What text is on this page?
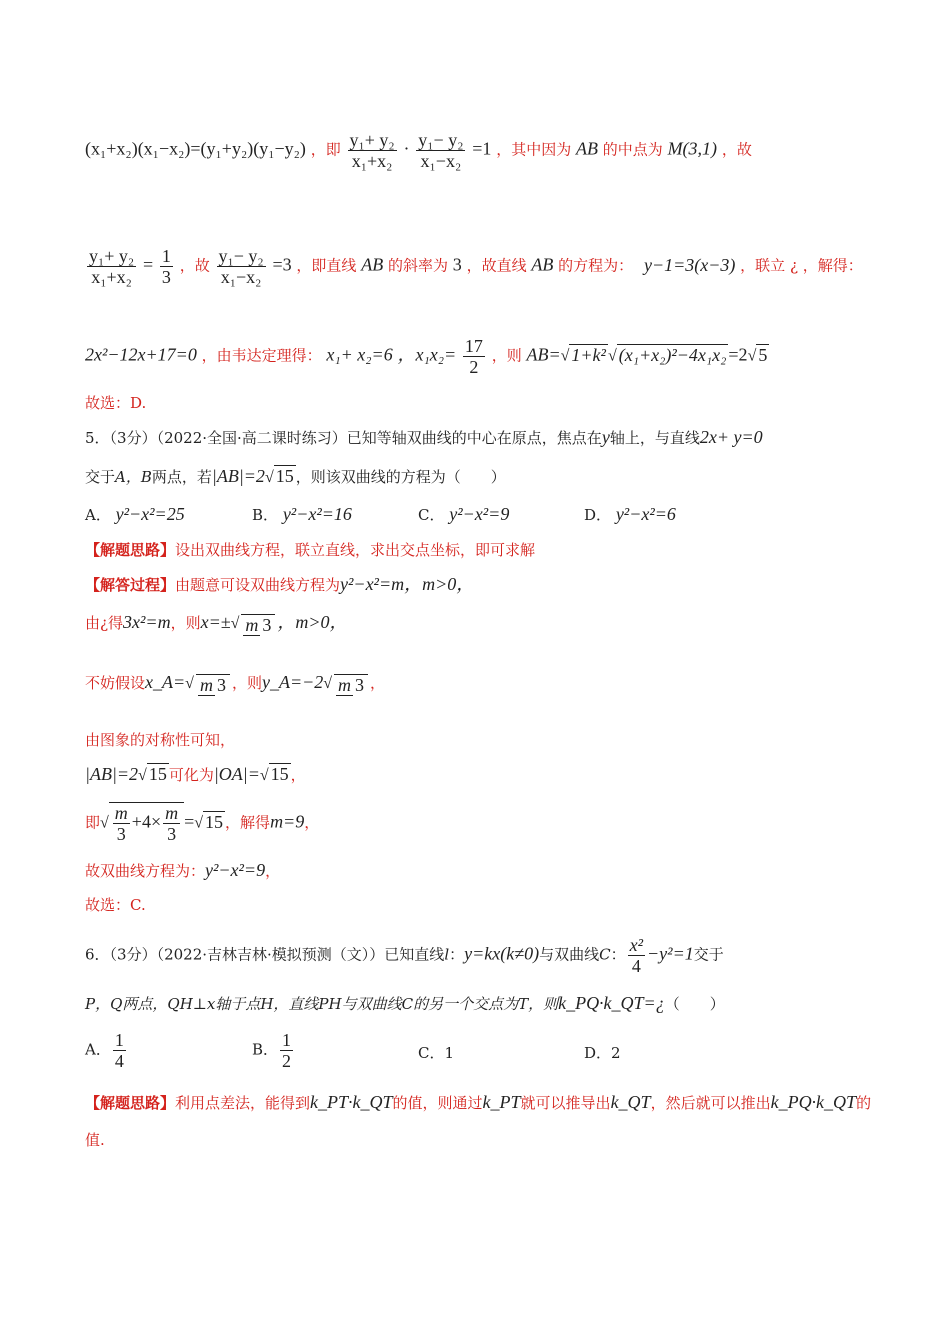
(x₁+x₂)(x₁−x₂)=(y₁+y₂)(y₁−y₂) ，即 $\frac{\text{y₁+ y₂}}{\text{x₁+x₂}} \cdot \frac{\text{y₁− y₂}}{\text{x₁−x₂}} =1$ ，其中因为 AB 的中点为 M(3,1) ，故
$\frac{\text{y₁+ y₂}}{\text{x₁+x₂}} = \frac{1}{3}$ ，故 $\frac{\text{y₁− y₂}}{\text{x₁−x₂}} =3$ ，即直线 AB 的斜率为 3 ，故直线 AB 的方程为： y−1=3(x−3) ，联立 ¿ ，解得：
2x²−12x+17=0 ，由韦达定理得： x₁+ x₂=6 ，$x_1x_2= \frac{17}{2}$ ，则 AB=√ 1+k² √ (x₁+x₂)²−4x₁x₂ =2√ 5
故选：D.
5．（3分）（2022·全国·高二课时练习）已知等轴双曲线的中心在原点，焦点在y轴上，与直线2x+ y=0
交于A，B两点，若|AB|=2√ 15 ，则该双曲线的方程为（　　）
A． y²−x²=25	B． y²−x²=16	C． y²−x²=9	D． y²−x²=6
【解题思路】设出双曲线方程，联立直线，求出交点坐标，即可求解
【解答过程】由题意可设双曲线方程为y²−x²=m，m>0，
由¿得3x²=m，则x=±√ m 3 ，m>0，
不妨假设x_A=√ m 3 ，则y_A=−2√ m 3 ，
由图象的对称性可知，
|AB|=2√ 15 可化为|OA|=√ 15 ，
即√ $\frac{m}{3} +4\times \frac{m}{3}$ =√ 15 ，解得m=9，
故双曲线方程为：y²−x²=9，
故选：C.
6．（3分）（2022·吉林吉林·模拟预测（文））已知直线l：y=kx(k≠0)与双曲线C： $\frac{\text{x²}}{4} -y^2=1$交于
P，Q两点，QH⊥x轴于点H，直线PH与双曲线C的另一个交点为T，则k_PQ·k_QT=¿（　　）
A． $\frac{1}{4}$	B． $\frac{1}{2}$	C．1	D．2
【解题思路】利用点差法，能得到k_PT·k_QT的值，则通过k_PT就可以推导出k_QT，然后就可以推出k_PQ·k_QT的
值.
